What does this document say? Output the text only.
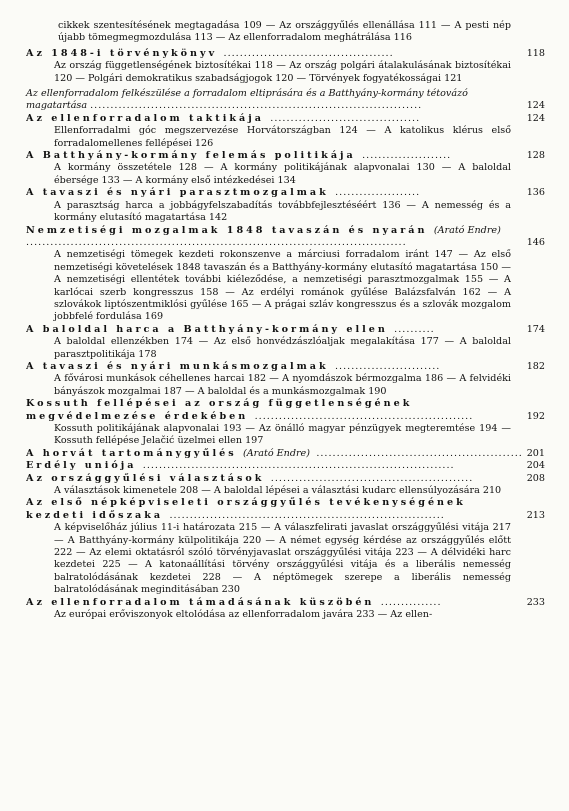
cikkek szentesítésének megtagadása 109 — Az országgyűlés ellenállása 111 — A pesti nép újabb tömegmegmozdulása 113 — Az ellenforradalom meghátrálása 116
Az 1848-i törvénykönyv ..........................................	118
Az ország függetlenségének biztosítékai 118 — Az ország polgári átalakulásának biztosítékai 120 — Polgári demokratikus szabadságjogok 120 — Törvények fogyatékosságai 121
Az ellenforradalom felkészülése a forradalom eltiprására és a Batthyány-kormány tétovázó magatartása ..................................................................................	124
Az ellenforradalom taktikája .....................................	124
Ellenforradalmi góc megszervezése Horvátországban 124 — A katolikus klérus első forradalomellenes fellépései 126
A Batthyány-kormány felemás politikája ......................	128
A kormány összetétele 128 — A kormány politikájának alapvonalai 130 — A baloldal ébersége 133 — A kormány első intézkedései 134
A tavaszi és nyári parasztmozgalmak .....................	136
A parasztság harca a jobbágyfelszabadítás továbbfejlesztéséért 136 — A nemesség és a kormány elutasító magatartása 142
Nemzetiségi mozgalmak 1848 tavaszán és nyarán (Arató Endre) ..............................................................................................	146
A nemzetiségi tömegek kezdeti rokonszenve a márciusi forradalom iránt 147 — Az első nemzetiségi követelések 1848 tavaszán és a Batthyány-kormány elutasító magatartása 150 — A nemzetiségi ellentétek további kiéleződése, a nemzetiségi parasztmozgalmak 155 — A karlócai szerb kongresszus 158 — Az erdélyi románok gyűlése Balázsfalván 162 — A szlovákok liptószentmiklósi gyűlése 165 — A prágai szláv kongresszus és a szlovák mozgalom jobbfelé fordulása 169
A baloldal harca a Batthyány-kormány ellen ..........	174
A baloldal ellenzékben 174 — Az első honvédzászlóaljak megalakítása 177 — A baloldal parasztpolitikája 178
A tavaszi és nyári munkásmozgalmak ..........................	182
A fővárosi munkások céhellenes harcai 182 — A nyomdászok bérmozgalma 186 — A felvidéki bányászok mozgalmai 187 — A baloldal és a munkásmozgalmak 190
Kossuth fellépései az ország függetlenségének megvédelmezése érdekében ......................................................	192
Kossuth politikájának alapvonalai 193 — Az önálló magyar pénzügyek megteremtése 194 — Kossuth fellépése Jelačić üzelmei ellen 197
A horvát tartománygyűlés (Arató Endre) ................................................... 201
Erdély uniója .............................................................................	204
Az országgyűlési választások ..................................................	208
A választások kimenetele 208 — A baloldal lépései a választási kudarc ellensúlyozására 210
Az első népképviseleti országgyűlés tevékenységének kezdeti időszaka ....................................................................	213
A képviselőház július 11-i határozata 215 — A válaszfelirati javaslat országgyűlési vitája 217 — A Batthyány-kormány külpolitikája 220 — A német egység kérdése az országgyűlés előtt 222 — Az elemi oktatásról szóló törvényjavaslat országgyűlési vitája 223 — A délvidéki harc kezdetei 225 — A katonaállítási törvény országgyűlési vitája és a liberális nemesség balratolódásának kezdetei 228 — A néptömegek szerepe a liberális nemesség balratolódásának meginditásában 230
Az ellenforradalom támadásának küszöbén ...............	233
Az európai erőviszonyok eltolódása az ellenforradalom javára 233 — Az ellen-
